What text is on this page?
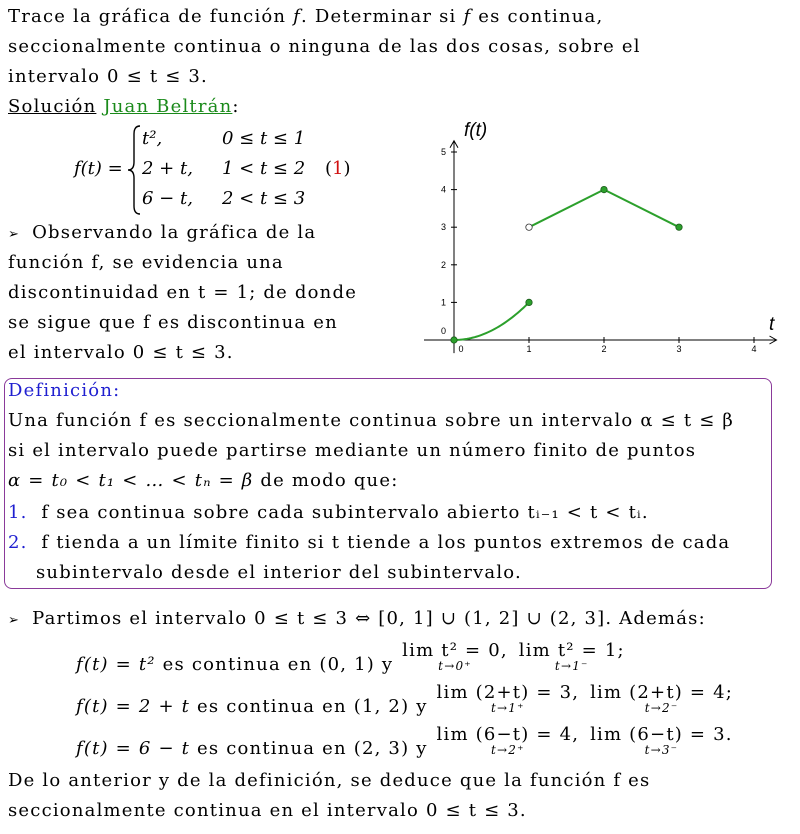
Trace la gráfica de función f. Determinar si f es continua,
seccionalmente continua o ninguna de las dos cosas, sobre el
intervalo 0 ≤ t ≤ 3.
Solución Juan Beltrán:
f(t) =
t²,	0 ≤ t ≤ 1
2 + t, 1 < t ≤ 2
6 − t, 2 < t ≤ 3
(1)
➢ Observando la gráfica de la
función f, se evidencia una
discontinuidad en t = 1; de donde
se sigue que f es discontinua en
el intervalo 0 ≤ t ≤ 3.	0	1	2	3	4
0
1
2
3
4
5
f(t)
t
Definición:
Una función f es seccionalmente continua sobre un intervalo α ≤ t ≤ β
si el intervalo puede partirse mediante un número finito de puntos
α = t₀ < t₁ < … < tₙ = β de modo que:
1. f sea continua sobre cada subintervalo abierto tᵢ₋₁ < t < tᵢ.
2. f tienda a un límite finito si t tiende a los puntos extremos de cada
subintervalo desde el interior del subintervalo.
➢ Partimos el intervalo 0 ≤ t ≤ 3 ⇔ [0, 1] ∪ (1, 2] ∪ (2, 3]. Además:
f(t) = t² es continua en (0, 1) y
lim t² = 0,
t→0⁺

lim t² = 1;
t→1⁻
f(t) = 2 + t es continua en (1, 2) y
lim (2+t) = 3,
t→1⁺

lim (2+t) = 4;
t→2⁻
f(t) = 6 − t es continua en (2, 3) y
lim (6−t) = 4,
t→2⁺

lim (6−t) = 3.
t→3⁻
De lo anterior y de la definición, se deduce que la función f es
seccionalmente continua en el intervalo 0 ≤ t ≤ 3.
